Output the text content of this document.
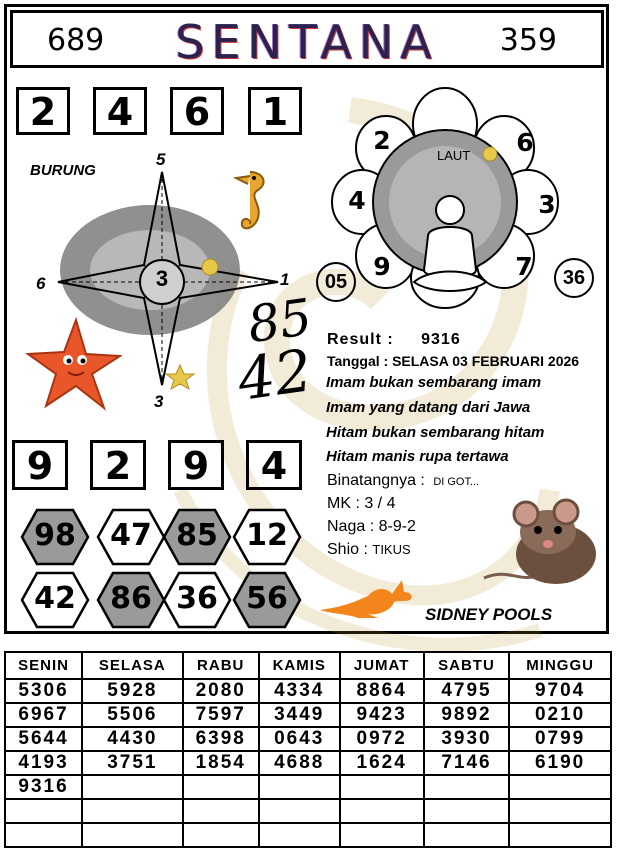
689	SENTANA	359
2	4	6	1
BURUNG
5
6	1
3
3
LAUT
2	6
4	3
9	7
05	36
85
42 Result : 9316
Tanggal : SELASA 03 FEBRUARI 2026
Imam bukan sembarang imam
Imam yang datang dari Jawa
Hitam bukan sembarang hitam
Hitam manis rupa tertawa
Binatangnya : DI GOT...
MK : 3 / 4
Naga : 8-9-2
Shio : TIKUS
9	2	9	4
98	47 85 12
42	86 36 56	SIDNEY POOLS
SENIN	SELASA	RABU	KAMIS	JUMAT	SABTU	MINGGU
5306	5928	2080	4334	8864	4795	9704
6967	5506	7597	3449	9423	9892	0210
5644	4430	6398	0643	0972	3930	0799
4193	3751	1854	4688	1624	7146	6190
9316						
